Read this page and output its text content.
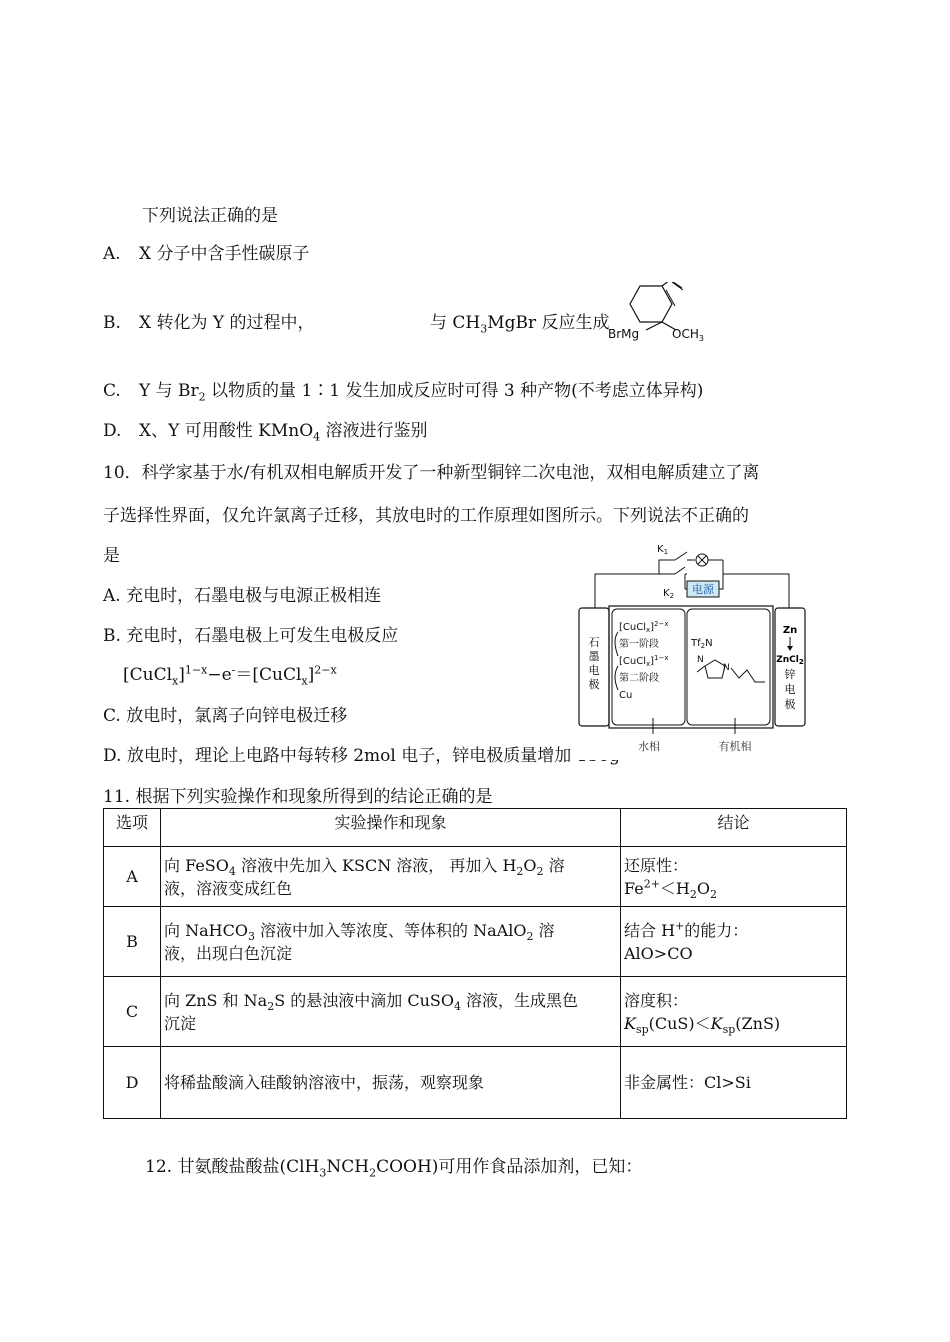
下列说法正确的是
A. X 分子中含手性碳原子
B. X 转化为 Y 的过程中，	与 $CH_3MgBr$ 反应生成
BrMg	$OCH_3$
C. Y 与 $Br_2$ 以物质的量 1∶1 发生加成反应时可得 3 种产物(不考虑立体异构)
D. X、Y 可用酸性 KMnO$_4$ 溶液进行鉴别
10．科学家基于水/有机双相电解质开发了一种新型铜锌二次电池，双相电解质建立了离
子选择性界面，仅允许氯离子迁移，其放电时的工作原理如图所示。下列说法不正确的
是
A. 充电时，石墨电极与电源正极相连
B. 充电时，石墨电极上可发生电极反应
[CuCl$_x$]$^{1-x}$−e-＝[CuCl$_x$]$^{2-x}$
C. 放电时，氯离子向锌电极迁移
D. 放电时，理论上电路中每转移 2mol 电子，锌电极质量增加 136g
电源
$K_1$
$K_2$
石
墨
电
极
[CuCl$_x$]$^{2-x}$
第一阶段
[CuCl$_x$]$^{1-x}$
第二阶段
Cu
$Tf_2N$
N
N
Zn
ZnCl$_2$
锌
电
极
水相	有机相
11. 根据下列实验操作和现象所得到的结论正确的是
选项	实验操作和现象	结论
A	向 FeSO$_4$ 溶液中先加入 KSCN 溶液， 再加入 $H_2O_2$ 溶
液，溶液变成红色	还原性：
$Fe^{2+}<H_2O_2$
B	向 NaHCO$_3$ 溶液中加入等浓度、等体积的 NaAlO$_2$ 溶
液，出现白色沉淀	结合 H+的能力：
AlO>CO
C	向 ZnS 和 $Na_2S$ 的悬浊液中滴加 CuSO$_4$ 溶液，生成黑色
沉淀	溶度积：
$K_{sp}(CuS)<K_{sp}(ZnS)$
D	将稀盐酸滴入硅酸钠溶液中，振荡，观察现象	非金属性：Cl>Si
12. 甘氨酸盐酸盐$(ClH_3NCH_2COOH)$可用作食品添加剂，已知：
